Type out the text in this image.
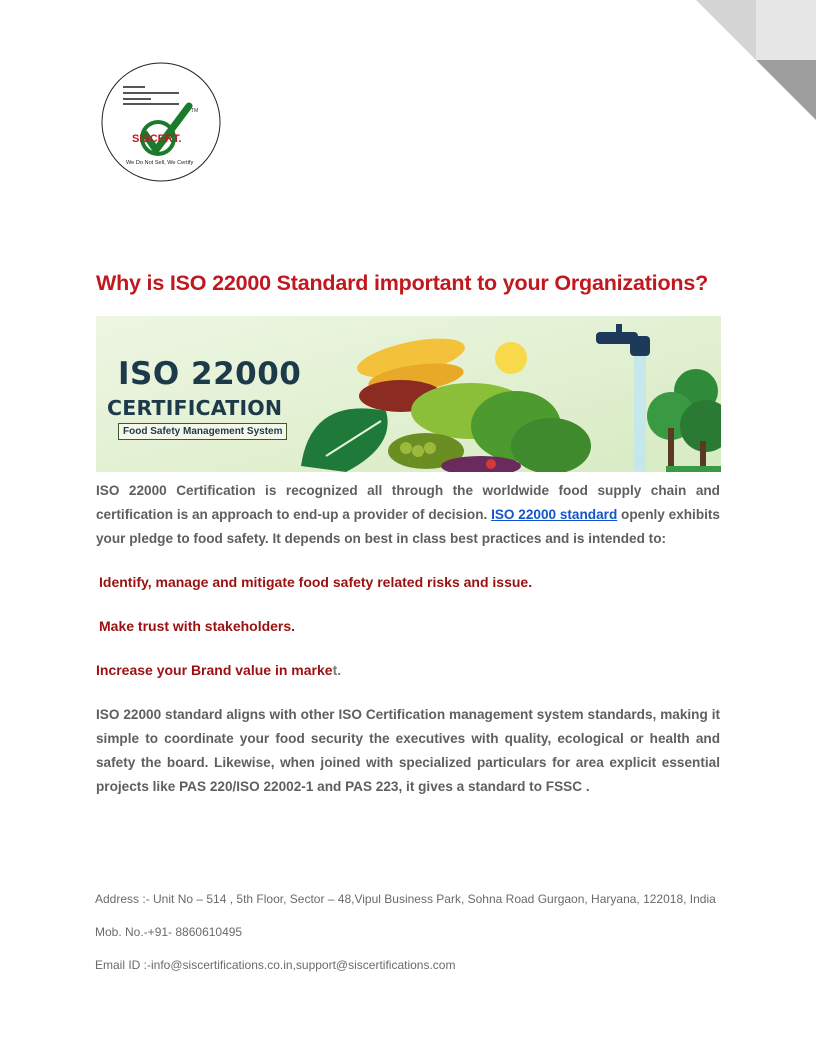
SISCERT.
TM
We Do Not Sell, We Certify
Why is ISO 22000 Standard important to your Organizations?
ISO 22000
CERTIFICATION
Food Safety Management System

ISO 22000 Certification is recognized all through the worldwide food supply chain and certification is an approach to end-up a provider of decision. ISO 22000 standard openly exhibits your pledge to food safety. It depends on best in class best practices and is intended to:

Identify, manage and mitigate food safety related risks and issue.

Make trust with stakeholders.

Increase your Brand value in market.

ISO 22000 standard aligns with other ISO Certification management system standards, making it simple to coordinate your food security the executives with quality, ecological or health and safety the board. Likewise, when joined with specialized particulars for area explicit essential projects like PAS 220/ISO 22002-1 and PAS 223, it gives a standard to FSSC .

Address :- Unit No – 514 , 5th Floor, Sector – 48,Vipul Business Park, Sohna Road Gurgaon, Haryana, 122018, India

Mob. No.-+91- 8860610495

Email ID :-info@siscertifications.co.in,support@siscertifications.com
